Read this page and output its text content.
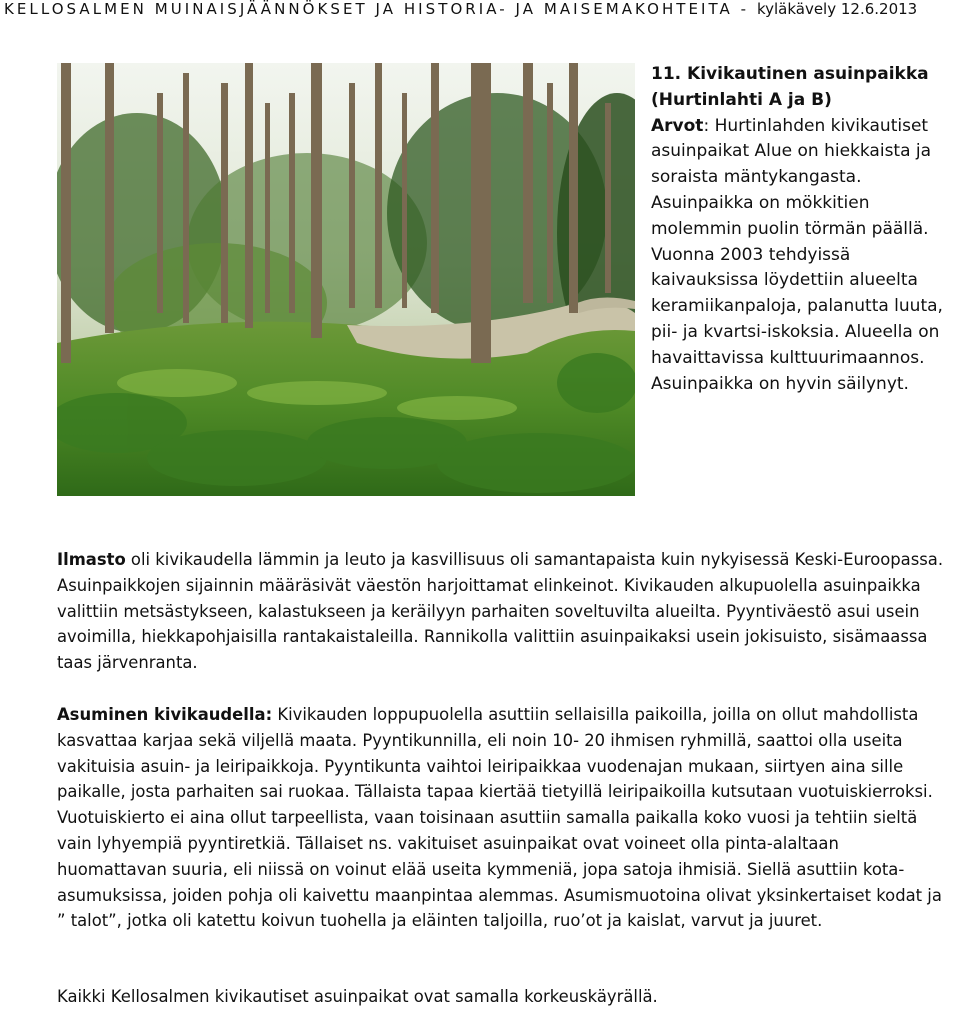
KELLOSALMEN MUINAISJÄÄNNÖKSET JA HISTORIA- JA MAISEMAKOHTEITA - kyläkävely 12.6.2013
11. Kivikautinen asuinpaikka (Hurtinlahti A ja B)
Arvot: Hurtinlahden kivikautiset asuinpaikat Alue on hiekkaista ja soraista mäntykangasta. Asuinpaikka on mökkitien molemmin puolin törmän päällä. Vuonna 2003 tehdyissä kaivauksissa löydettiin alueelta keramiikanpaloja, palanutta luuta, pii- ja kvartsi-iskoksia. Alueella on havaittavissa kulttuurimaannos. Asuinpaikka on hyvin säilynyt.
Ilmasto oli kivikaudella lämmin ja leuto ja kasvillisuus oli samantapaista kuin nykyisessä Keski-Euroopassa. Asuinpaikkojen sijainnin määräsivät väestön harjoittamat elinkeinot. Kivikauden alkupuolella asuinpaikka valittiin metsästykseen, kalastukseen ja keräilyyn parhaiten soveltuvilta alueilta. Pyyntiväestö asui usein avoimilla, hiekkapohjaisilla rantakaistaleilla. Rannikolla valittiin asuinpaikaksi usein jokisuisto, sisämaassa taas järvenranta.
Asuminen kivikaudella: Kivikauden loppupuolella asuttiin sellaisilla paikoilla, joilla on ollut mahdollista kasvattaa karjaa sekä viljellä maata. Pyyntikunnilla, eli noin 10- 20 ihmisen ryhmillä, saattoi olla useita vakituisia asuin- ja leiripaikkoja. Pyyntikunta vaihtoi leiripaikkaa vuodenajan mukaan, siirtyen aina sille paikalle, josta parhaiten sai ruokaa. Tällaista tapaa kiertää tietyillä leiripaikoilla kutsutaan vuotuiskierroksi. Vuotuiskierto ei aina ollut tarpeellista, vaan toisinaan asuttiin samalla paikalla koko vuosi ja tehtiin sieltä vain lyhyempiä pyyntiretkiä. Tällaiset ns. vakituiset asuinpaikat ovat voineet olla pinta-alaltaan huomattavan suuria, eli niissä on voinut elää useita kymmeniä, jopa satoja ihmisiä. Siellä asuttiin kota-asumuksissa, joiden pohja oli kaivettu maanpintaa alemmas. Asumismuotoina olivat yksinkertaiset kodat ja ” talot”, jotka oli katettu koivun tuohella ja eläinten taljoilla, ruo’ot ja kaislat, varvut ja juuret.
Kaikki Kellosalmen kivikautiset asuinpaikat ovat samalla korkeuskäyrällä.
